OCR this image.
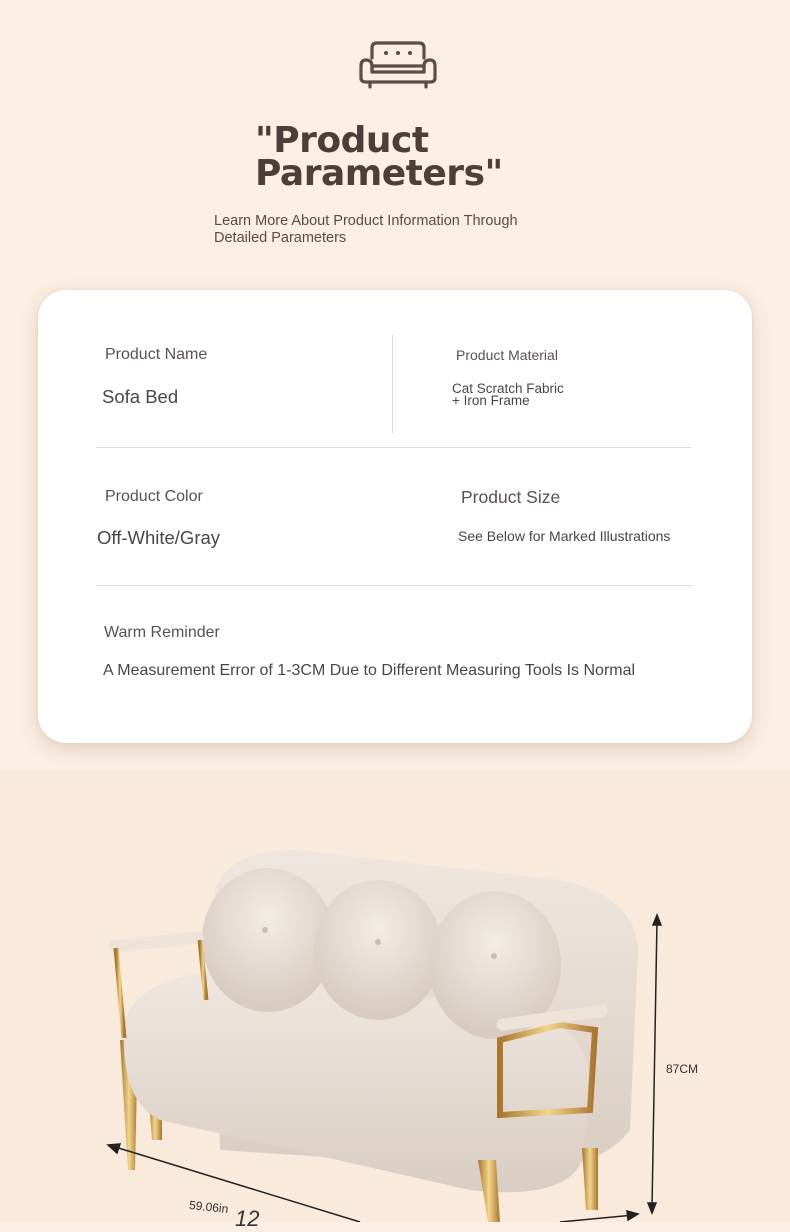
"Product
Parameters"
Learn More About Product Information Through
Detailed Parameters
Product Name
Sofa Bed
Product Material
Cat Scratch Fabric
+ Iron Frame
Product Color
Off-White/Gray
Product Size
See Below for Marked Illustrations
Warm Reminder
A Measurement Error of 1-3CM Due to Different Measuring Tools Is Normal
87CM
59.06in 12
